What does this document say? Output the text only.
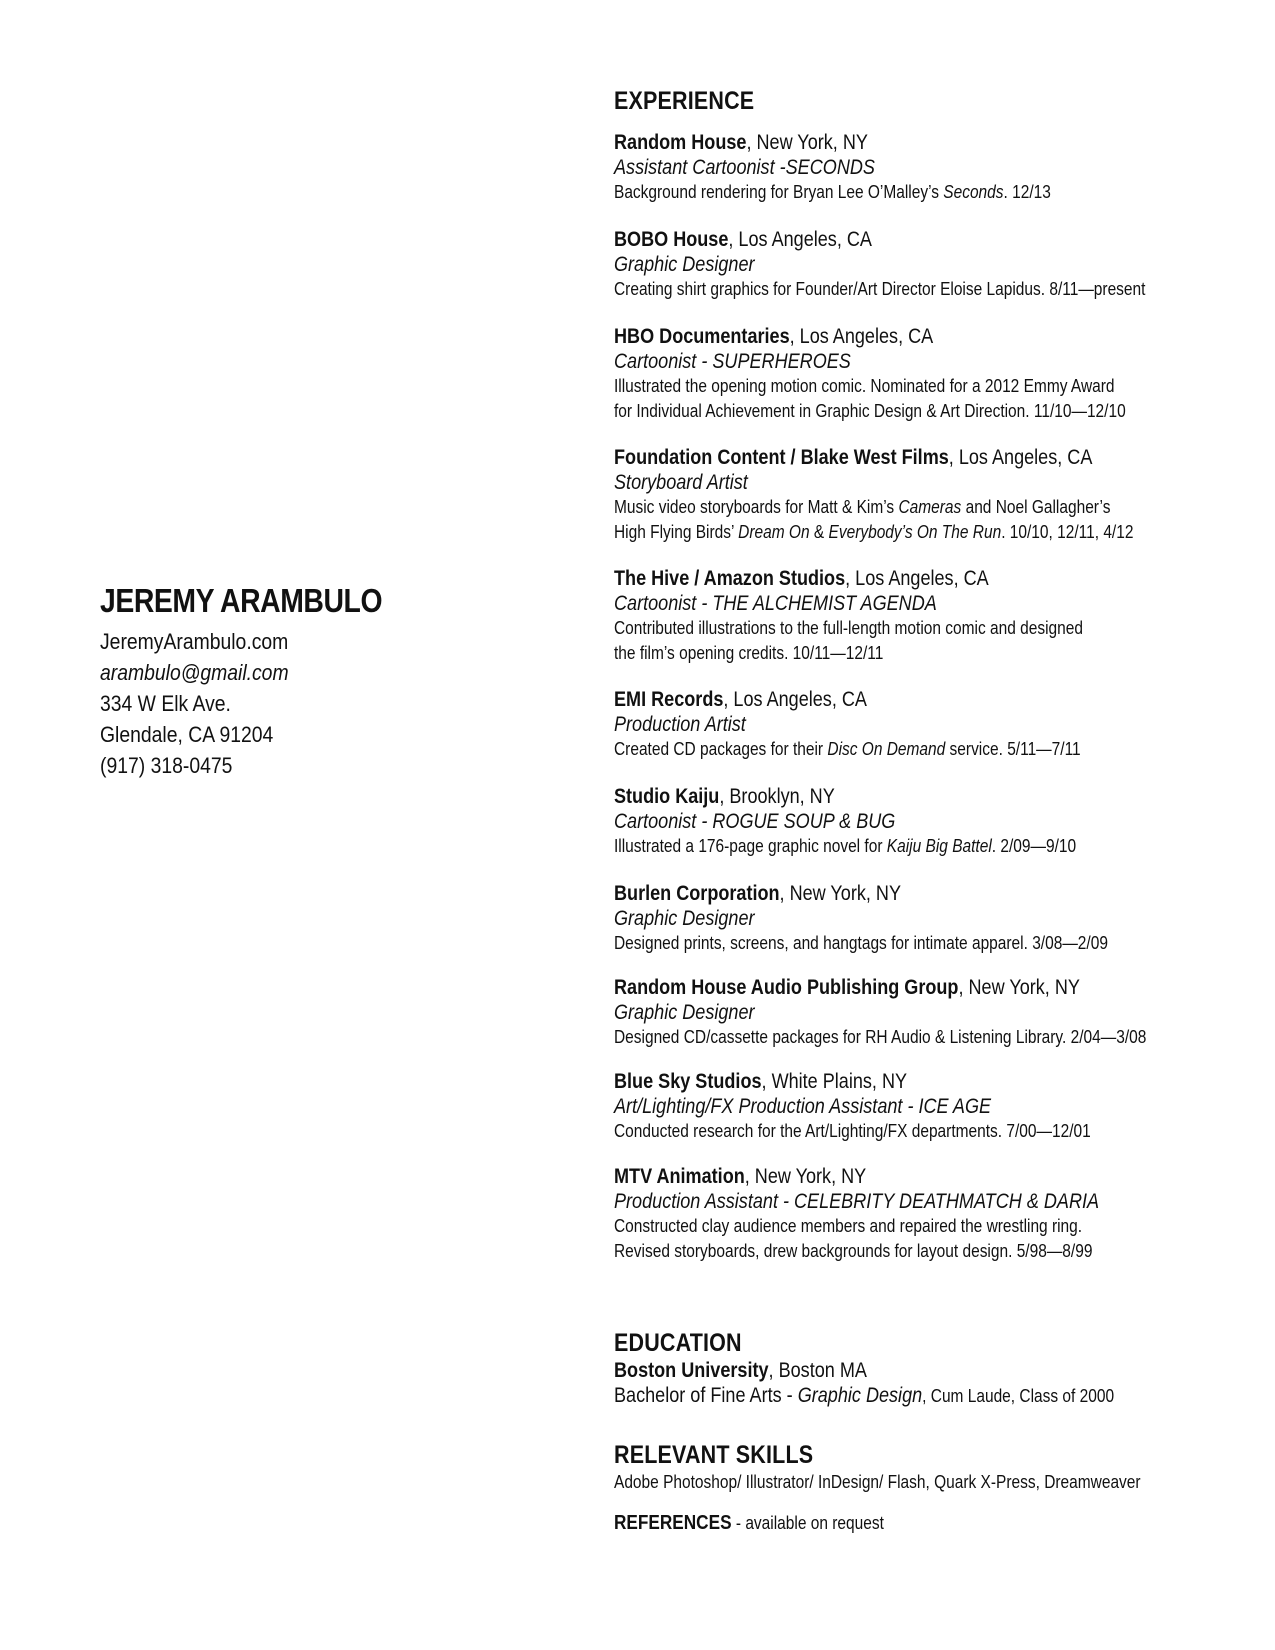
JEREMY ARAMBULO
JeremyArambulo.com
arambulo@gmail.com
334 W Elk Ave.
Glendale, CA 91204
(917) 318-0475
EXPERIENCE
Random House, New York, NY
Assistant Cartoonist -SECONDS
Background rendering for Bryan Lee O’Malley’s Seconds. 12/13
BOBO House, Los Angeles, CA
Graphic Designer
Creating shirt graphics for Founder/Art Director Eloise Lapidus. 8/11—present
HBO Documentaries, Los Angeles, CA
Cartoonist - SUPERHEROES
Illustrated the opening motion comic. Nominated for a 2012 Emmy Award
for Individual Achievement in Graphic Design & Art Direction. 11/10—12/10
Foundation Content / Blake West Films, Los Angeles, CA
Storyboard Artist
Music video storyboards for Matt & Kim’s Cameras and Noel Gallagher’s
High Flying Birds’ Dream On & Everybody’s On The Run. 10/10, 12/11, 4/12
The Hive / Amazon Studios, Los Angeles, CA
Cartoonist - THE ALCHEMIST AGENDA
Contributed illustrations to the full-length motion comic and designed
the film’s opening credits. 10/11—12/11
EMI Records, Los Angeles, CA
Production Artist
Created CD packages for their Disc On Demand service. 5/11—7/11
Studio Kaiju, Brooklyn, NY
Cartoonist - ROGUE SOUP & BUG
Illustrated a 176-page graphic novel for Kaiju Big Battel. 2/09—9/10
Burlen Corporation, New York, NY
Graphic Designer
Designed prints, screens, and hangtags for intimate apparel. 3/08—2/09
Random House Audio Publishing Group, New York, NY
Graphic Designer
Designed CD/cassette packages for RH Audio & Listening Library. 2/04—3/08
Blue Sky Studios, White Plains, NY
Art/Lighting/FX Production Assistant - ICE AGE
Conducted research for the Art/Lighting/FX departments. 7/00—12/01
MTV Animation, New York, NY
Production Assistant - CELEBRITY DEATHMATCH & DARIA
Constructed clay audience members and repaired the wrestling ring.
Revised storyboards, drew backgrounds for layout design. 5/98—8/99
EDUCATION
Boston University, Boston MA
Bachelor of Fine Arts - Graphic Design, Cum Laude, Class of 2000
RELEVANT SKILLS
Adobe Photoshop/ Illustrator/ InDesign/ Flash, Quark X-Press, Dreamweaver
REFERENCES - available on request
